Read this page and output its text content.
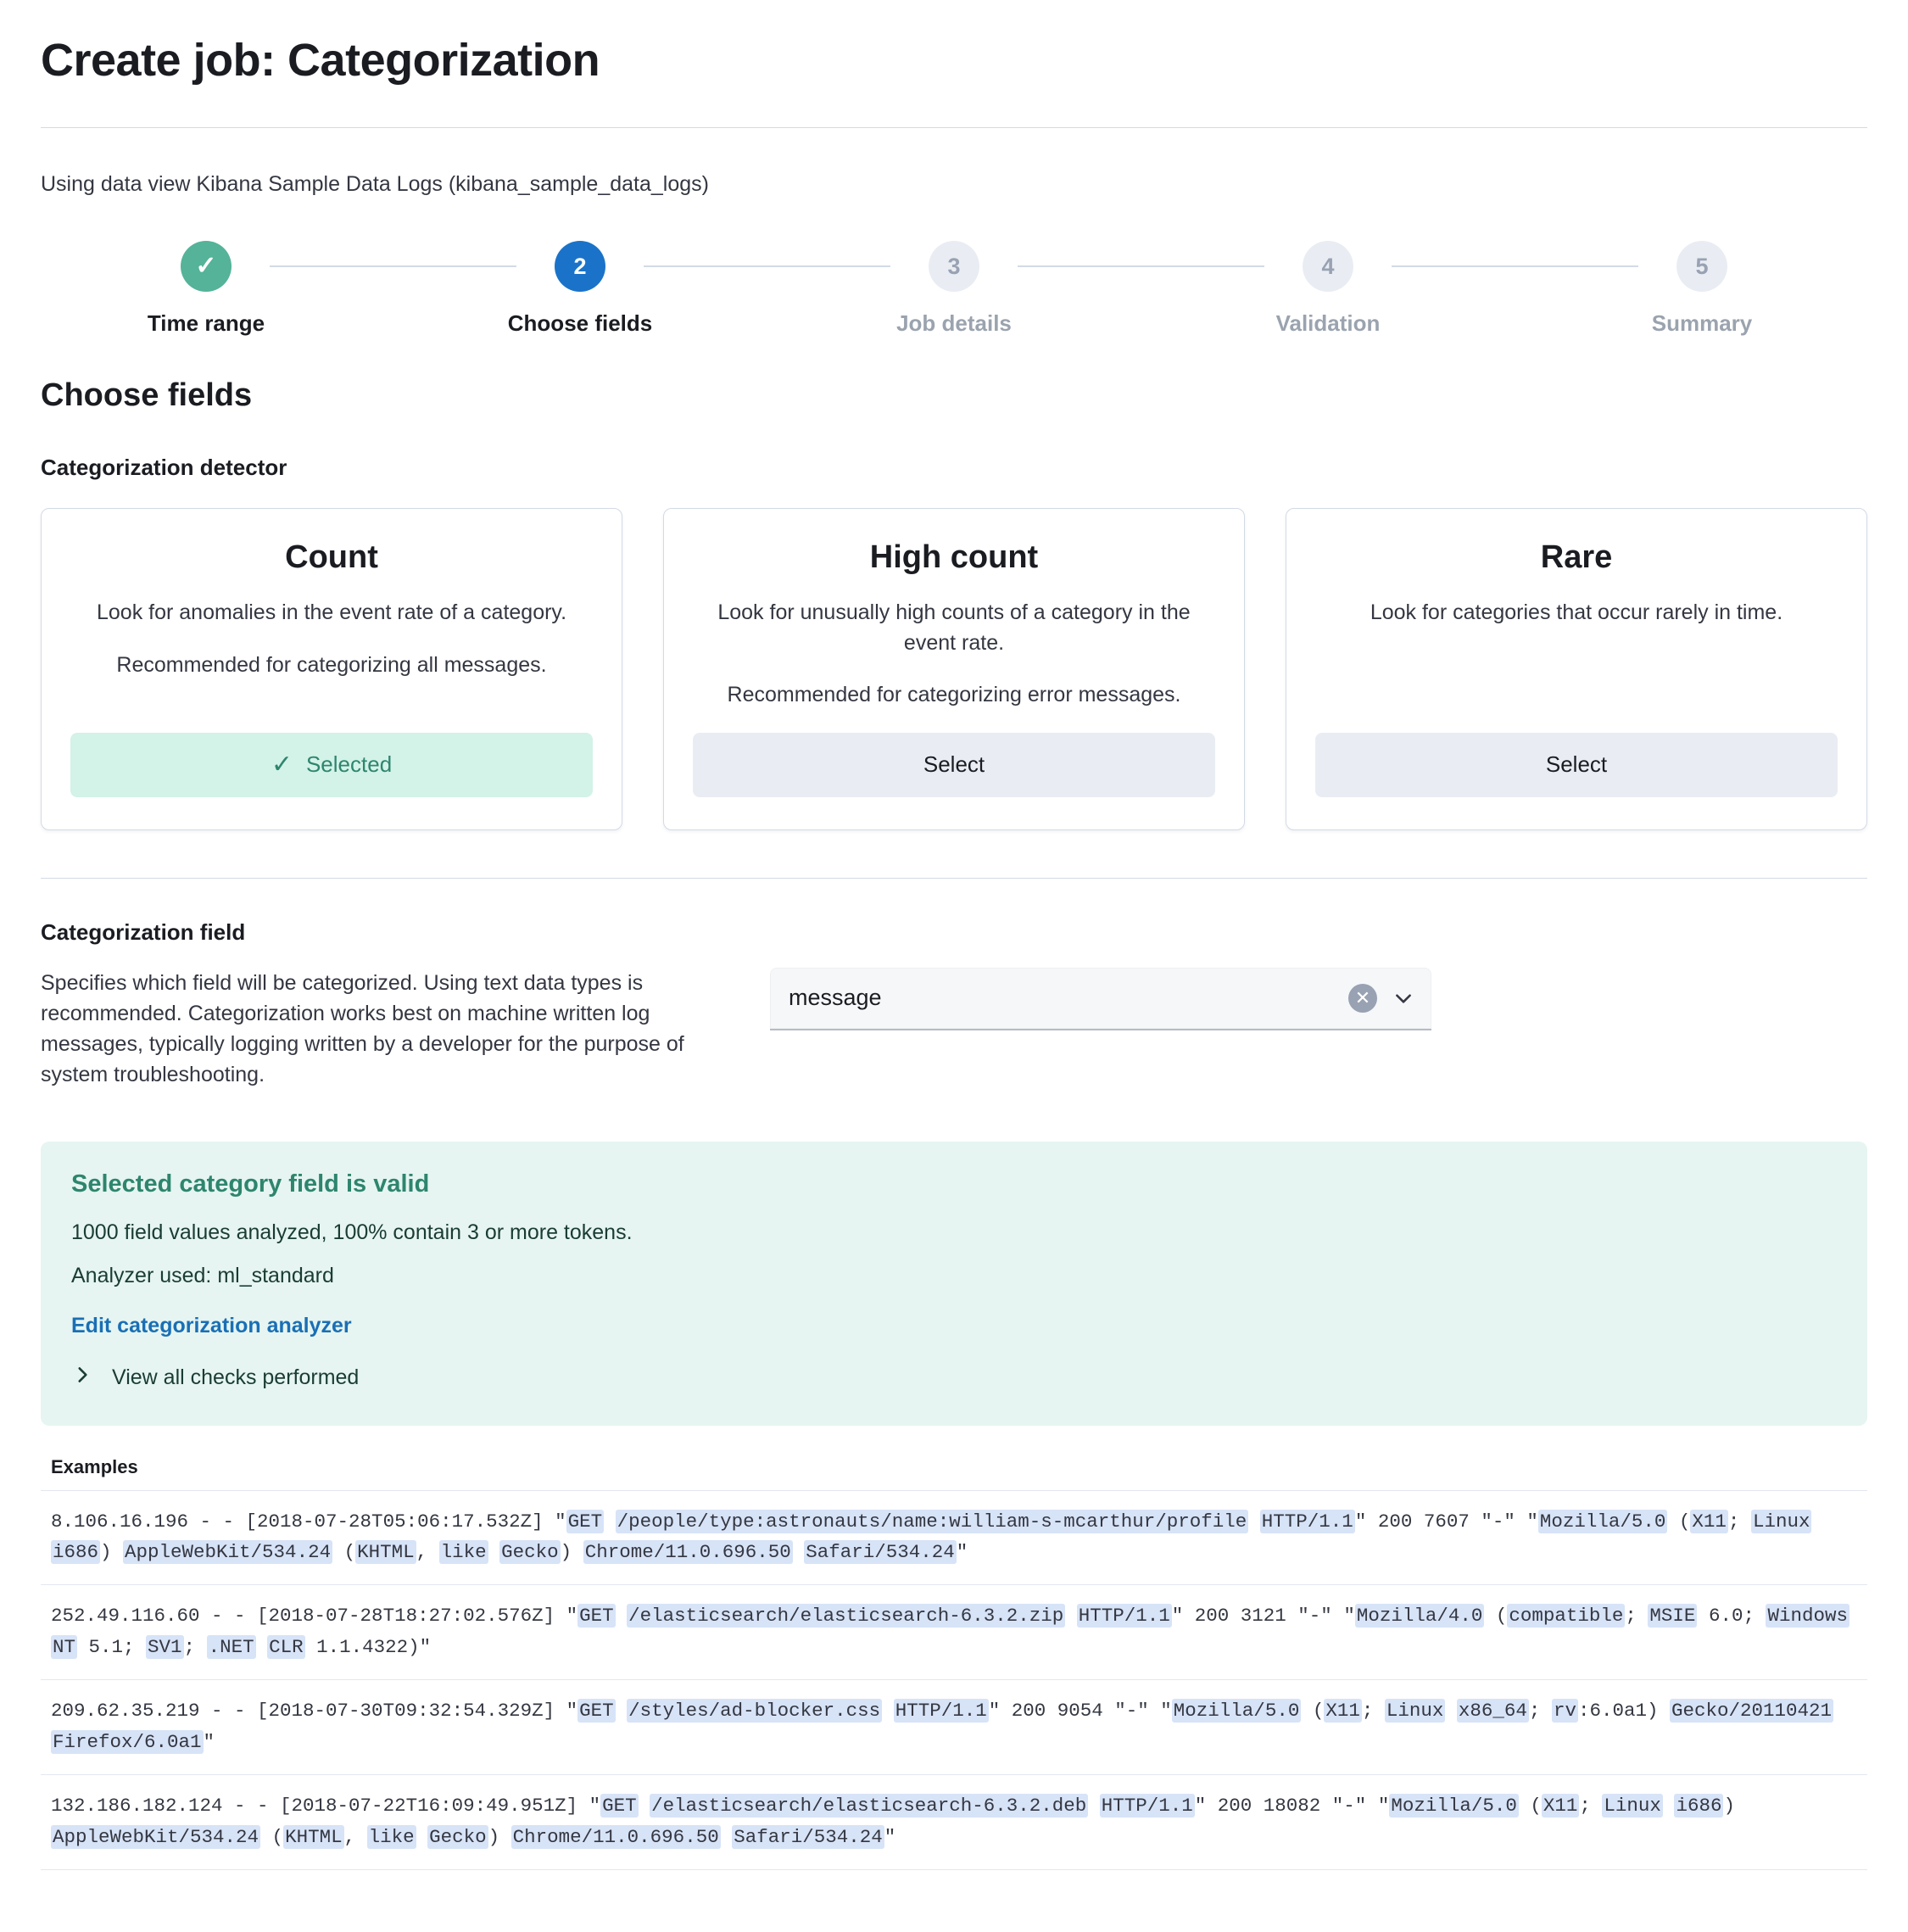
Create job: Categorization

Using data view Kibana Sample Data Logs (kibana_sample_data_logs)

✓
Time range
2
Choose fields
3
Job details
4
Validation
5
Summary
Choose fields
Categorization detector
Count
Look for anomalies in the event rate of a category.
Recommended for categorizing all messages.
✓ Selected
High count
Look for unusually high counts of a category in the event rate.
Recommended for categorizing error messages.
Select
Rare
Look for categories that occur rarely in time.
Select
Categorization field

Specifies which field will be categorized. Using text data types is recommended. Categorization works best on machine written log messages, typically logging written by a developer for the purpose of system troubleshooting.

message	✕
Selected category field is valid
1000 field values analyzed, 100% contain 3 or more tokens.
Analyzer used: ml_standard
Edit categorization analyzer
View all checks performed
Examples
8.106.16.196 - - [2018-07-28T05:06:17.532Z] "GET /people/type:astronauts/name:william-s-mcarthur/profile HTTP/1.1" 200 7607 "-" "Mozilla/5.0 (X11; Linux i686) AppleWebKit/534.24 (KHTML, like Gecko) Chrome/11.0.696.50 Safari/534.24"
252.49.116.60 - - [2018-07-28T18:27:02.576Z] "GET /elasticsearch/elasticsearch-6.3.2.zip HTTP/1.1" 200 3121 "-" "Mozilla/4.0 (compatible; MSIE 6.0; Windows NT 5.1; SV1; .NET CLR 1.1.4322)"
209.62.35.219 - - [2018-07-30T09:32:54.329Z] "GET /styles/ad-blocker.css HTTP/1.1" 200 9054 "-" "Mozilla/5.0 (X11; Linux x86_64; rv:6.0a1) Gecko/20110421 Firefox/6.0a1"
132.186.182.124 - - [2018-07-22T16:09:49.951Z] "GET /elasticsearch/elasticsearch-6.3.2.deb HTTP/1.1" 200 18082 "-" "Mozilla/5.0 (X11; Linux i686) AppleWebKit/534.24 (KHTML, like Gecko) Chrome/11.0.696.50 Safari/534.24"
